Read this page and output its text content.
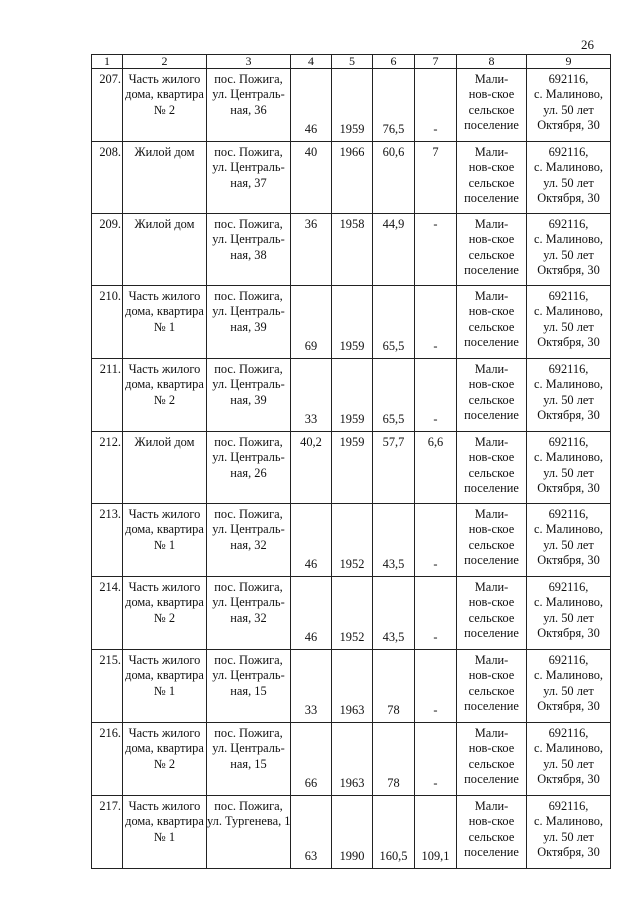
26
1	2	3	4	5	6	7	8	9
207.	Часть жилого
дома, квартира
№ 2	пос. Пожига,
ул. Централь-
ная, 36	46	1959	76,5	-	Мали-
нов-ское
сельское
поселение	692116,
с. Малиново,
ул. 50 лет
Октября, 30

208.	Жилой дом	пос. Пожига,
ул. Централь-
ная, 37	40	1966	60,6	7	Мали-
нов-ское
сельское
поселение	692116,
с. Малиново,
ул. 50 лет
Октября, 30

209.	Жилой дом	пос. Пожига,
ул. Централь-
ная, 38	36	1958	44,9	-	Мали-
нов-ское
сельское
поселение	692116,
с. Малиново,
ул. 50 лет
Октября, 30

210.	Часть жилого
дома, квартира
№ 1	пос. Пожига,
ул. Централь-
ная, 39	69	1959	65,5	-	Мали-
нов-ское
сельское
поселение	692116,
с. Малиново,
ул. 50 лет
Октября, 30

211.	Часть жилого
дома, квартира
№ 2	пос. Пожига,
ул. Централь-
ная, 39	33	1959	65,5	-	Мали-
нов-ское
сельское
поселение	692116,
с. Малиново,
ул. 50 лет
Октября, 30

212.	Жилой дом	пос. Пожига,
ул. Централь-
ная, 26	40,2	1959	57,7	6,6	Мали-
нов-ское
сельское
поселение	692116,
с. Малиново,
ул. 50 лет
Октября, 30

213.	Часть жилого
дома, квартира
№ 1	пос. Пожига,
ул. Централь-
ная, 32	46	1952	43,5	-	Мали-
нов-ское
сельское
поселение	692116,
с. Малиново,
ул. 50 лет
Октября, 30

214.	Часть жилого
дома, квартира
№ 2	пос. Пожига,
ул. Централь-
ная, 32	46	1952	43,5	-	Мали-
нов-ское
сельское
поселение	692116,
с. Малиново,
ул. 50 лет
Октября, 30

215.	Часть жилого
дома, квартира
№ 1	пос. Пожига,
ул. Централь-
ная, 15	33	1963	78	-	Мали-
нов-ское
сельское
поселение	692116,
с. Малиново,
ул. 50 лет
Октября, 30

216.	Часть жилого
дома, квартира
№ 2	пос. Пожига,
ул. Централь-
ная, 15	66	1963	78	-	Мали-
нов-ское
сельское
поселение	692116,
с. Малиново,
ул. 50 лет
Октября, 30

217.	Часть жилого
дома, квартира
№ 1	пос. Пожига,
ул. Тургенева, 1	63	1990	160,5	109,1	Мали-
нов-ское
сельское
поселение	692116,
с. Малиново,
ул. 50 лет
Октября, 30
